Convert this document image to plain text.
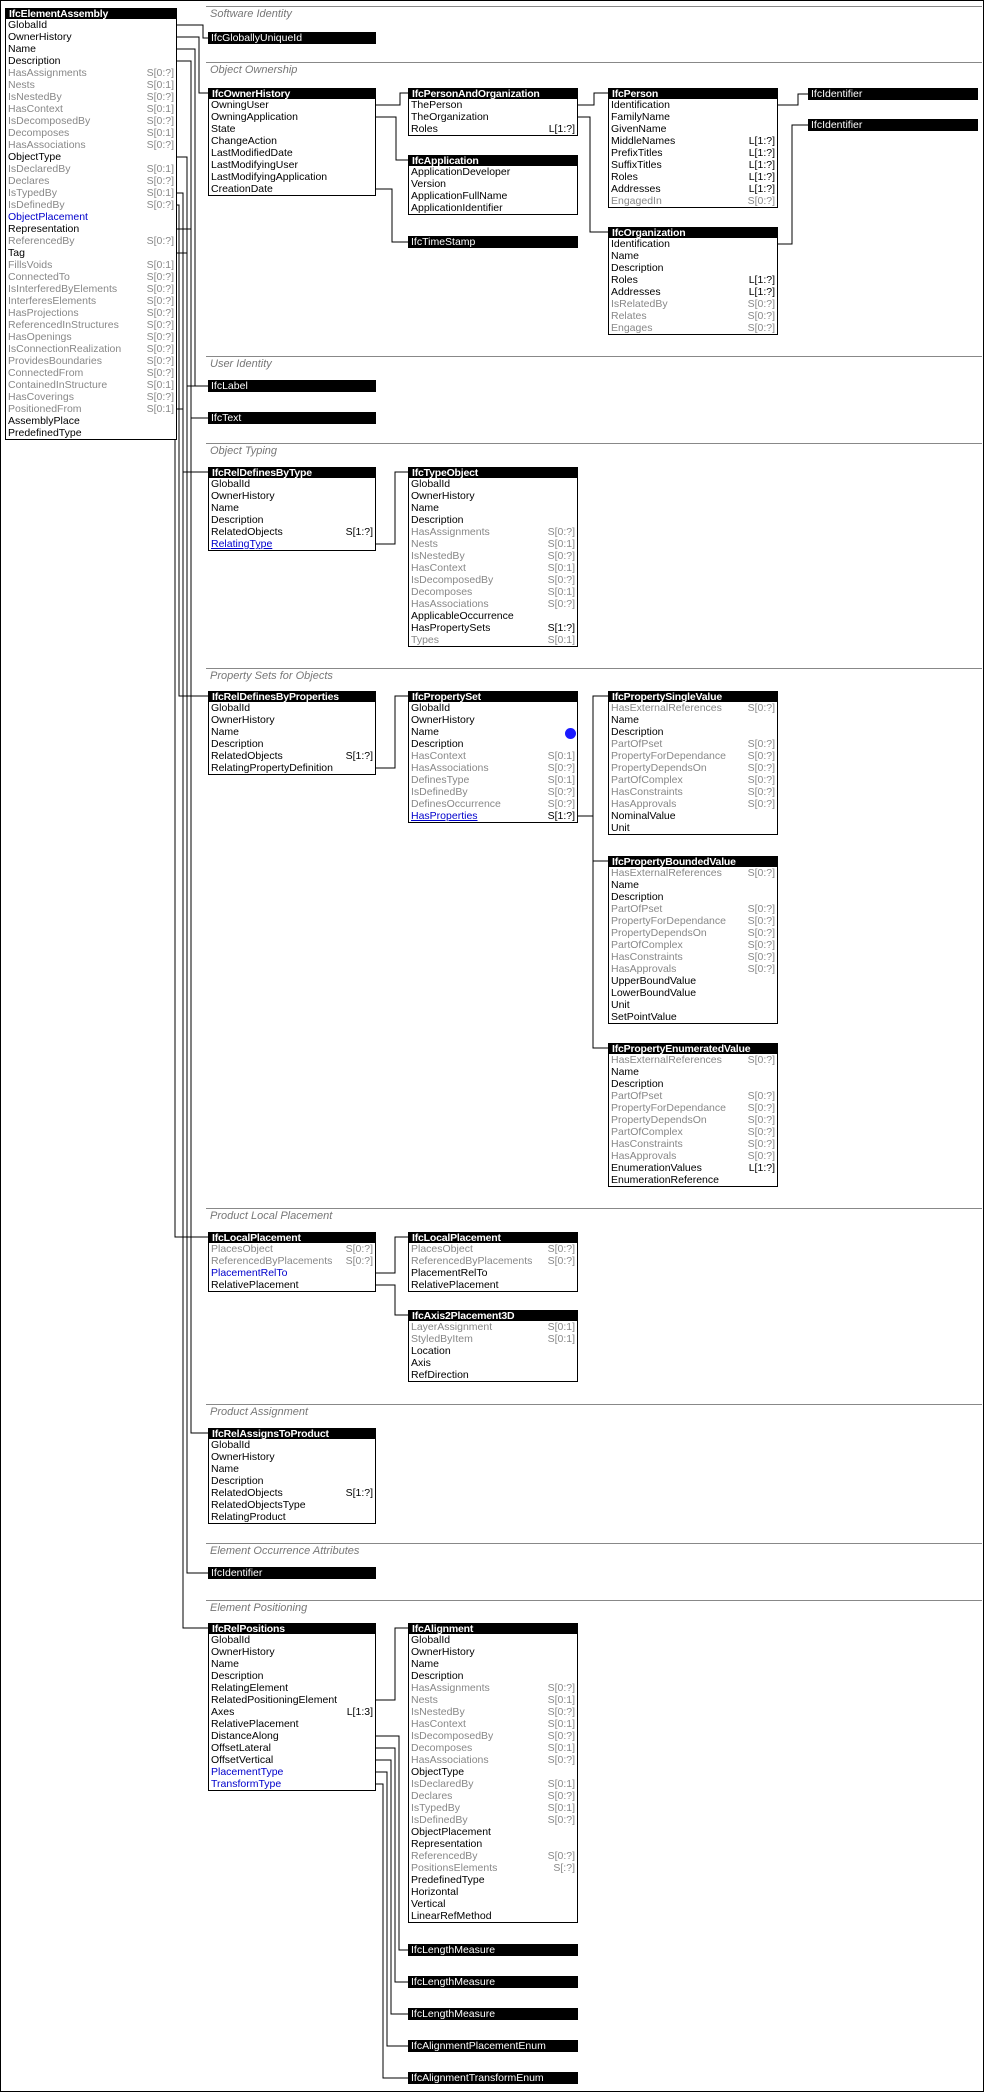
Software Identity
Object Ownership
User Identity
Object Typing
Property Sets for Objects
Product Local Placement
Product Assignment
Element Occurrence Attributes
Element Positioning
IfcElementAssembly
GlobalId
OwnerHistory
Name
Description
HasAssignments	S[0:?]
Nests	S[0:1]
IsNestedBy	S[0:?]
HasContext	S[0:1]
IsDecomposedBy	S[0:?]
Decomposes	S[0:1]
HasAssociations	S[0:?]
ObjectType
IsDeclaredBy	S[0:1]
Declares	S[0:?]
IsTypedBy	S[0:1]
IsDefinedBy	S[0:?]
ObjectPlacement
Representation
ReferencedBy	S[0:?]
Tag
FillsVoids	S[0:1]
ConnectedTo	S[0:?]
IsInterferedByElements	S[0:?]
InterferesElements	S[0:?]
HasProjections	S[0:?]
ReferencedInStructures	S[0:?]
HasOpenings	S[0:?]
IsConnectionRealization S[0:?]
ProvidesBoundaries	S[0:?]
ConnectedFrom	S[0:?]
ContainedInStructure	S[0:1]
HasCoverings	S[0:?]
PositionedFrom	S[0:1]
AssemblyPlace
PredefinedType
IfcOwnerHistory
OwningUser
OwningApplication
State
ChangeAction
LastModifiedDate
LastModifyingUser
LastModifyingApplication
CreationDate
IfcPersonAndOrganization
ThePerson
TheOrganization
Roles	L[1:?]
IfcPerson
Identification
FamilyName
GivenName
MiddleNames	L[1:?]
PrefixTitles	L[1:?]
SuffixTitles	L[1:?]
Roles	L[1:?]
Addresses	L[1:?]
EngagedIn	S[0:?]
IfcApplication
ApplicationDeveloper
Version
ApplicationFullName
ApplicationIdentifier
IfcOrganization
Identification
Name
Description
Roles	L[1:?]
Addresses	L[1:?]
IsRelatedBy	S[0:?]
Relates	S[0:?]
Engages	S[0:?]
IfcRelDefinesByType
GlobalId
OwnerHistory
Name
Description
RelatedObjects	S[1:?]
RelatingType
IfcTypeObject
GlobalId
OwnerHistory
Name
Description
HasAssignments	S[0:?]
Nests	S[0:1]
IsNestedBy	S[0:?]
HasContext	S[0:1]
IsDecomposedBy	S[0:?]
Decomposes	S[0:1]
HasAssociations	S[0:?]
ApplicableOccurrence
HasPropertySets	S[1:?]
Types	S[0:1]
IfcRelDefinesByProperties
GlobalId
OwnerHistory
Name
Description
RelatedObjects	S[1:?]
RelatingPropertyDefinition
IfcPropertySet
GlobalId
OwnerHistory
Name
Description
HasContext	S[0:1]
HasAssociations	S[0:?]
DefinesType	S[0:1]
IsDefinedBy	S[0:?]
DefinesOccurrence	S[0:?]
HasProperties	S[1:?]
IfcPropertySingleValue
HasExternalReferences S[0:?]
Name
Description
PartOfPset	S[0:?]
PropertyForDependance S[0:?]
PropertyDependsOn	S[0:?]
PartOfComplex	S[0:?]
HasConstraints	S[0:?]
HasApprovals	S[0:?]
NominalValue
Unit
IfcPropertyBoundedValue
HasExternalReferences S[0:?]
Name
Description
PartOfPset	S[0:?]
PropertyForDependance S[0:?]
PropertyDependsOn	S[0:?]
PartOfComplex	S[0:?]
HasConstraints	S[0:?]
HasApprovals	S[0:?]
UpperBoundValue
LowerBoundValue
Unit
SetPointValue
IfcPropertyEnumeratedValue
HasExternalReferences S[0:?]
Name
Description
PartOfPset	S[0:?]
PropertyForDependance S[0:?]
PropertyDependsOn	S[0:?]
PartOfComplex	S[0:?]
HasConstraints	S[0:?]
HasApprovals	S[0:?]
EnumerationValues	L[1:?]
EnumerationReference
IfcLocalPlacement
PlacesObject	S[0:?]
ReferencedByPlacements S[0:?]
PlacementRelTo
RelativePlacement
IfcLocalPlacement
PlacesObject	S[0:?]
ReferencedByPlacements S[0:?]
PlacementRelTo
RelativePlacement
IfcAxis2Placement3D
LayerAssignment	S[0:1]
StyledByItem	S[0:1]
Location
Axis
RefDirection
IfcRelAssignsToProduct
GlobalId
OwnerHistory
Name
Description
RelatedObjects	S[1:?]
RelatedObjectsType
RelatingProduct
IfcRelPositions
GlobalId
OwnerHistory
Name
Description
RelatingElement
RelatedPositioningElement
Axes	L[1:3]
RelativePlacement
DistanceAlong
OffsetLateral
OffsetVertical
PlacementType
TransformType
IfcAlignment
GlobalId
OwnerHistory
Name
Description
HasAssignments	S[0:?]
Nests	S[0:1]
IsNestedBy	S[0:?]
HasContext	S[0:1]
IsDecomposedBy	S[0:?]
Decomposes	S[0:1]
HasAssociations	S[0:?]
ObjectType
IsDeclaredBy	S[0:1]
Declares	S[0:?]
IsTypedBy	S[0:1]
IsDefinedBy	S[0:?]
ObjectPlacement
Representation
ReferencedBy	S[0:?]
PositionsElements	S[:?]
PredefinedType
Horizontal
Vertical
LinearRefMethod
IfcGloballyUniqueId
IfcIdentifier
IfcIdentifier
IfcTimeStamp
IfcLabel
IfcText
IfcIdentifier
IfcLengthMeasure
IfcLengthMeasure
IfcLengthMeasure
IfcAlignmentPlacementEnum
IfcAlignmentTransformEnum
